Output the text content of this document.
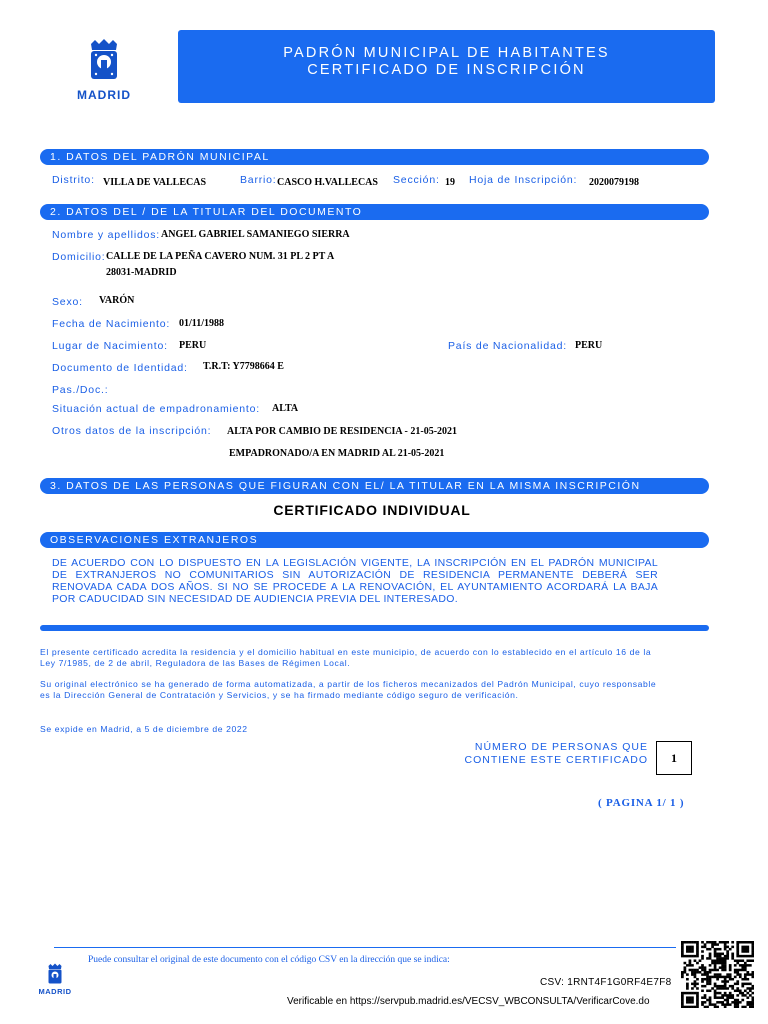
MADRID
PADRÓN MUNICIPAL DE HABITANTES
CERTIFICADO DE INSCRIPCIÓN
1. DATOS DEL PADRÓN MUNICIPAL
Distrito: VILLA DE VALLECAS	Barrio: CASCO H.VALLECAS Sección: 19 Hoja de Inscripción: 2020079198
2. DATOS DEL / DE LA TITULAR DEL DOCUMENTO
Nombre y apellidos: ANGEL GABRIEL SAMANIEGO SIERRA
Domicilio: CALLE DE LA PEÑA CAVERO NUM. 31 PL 2 PT A
28031-MADRID
Sexo: VARÓN
Fecha de Nacimiento: 01/11/1988
Lugar de Nacimiento: PERU	País de Nacionalidad: PERU
Documento de Identidad: T.R.T: Y7798664 E
Pas./Doc.:
Situación actual de empadronamiento: ALTA
Otros datos de la inscripción: ALTA POR CAMBIO DE RESIDENCIA - 21-05-2021
EMPADRONADO/A EN MADRID AL 21-05-2021
3. DATOS DE LAS PERSONAS QUE FIGURAN CON EL/ LA TITULAR EN LA MISMA INSCRIPCIÓN
CERTIFICADO INDIVIDUAL
OBSERVACIONES EXTRANJEROS
DE ACUERDO CON LO DISPUESTO EN LA LEGISLACIÓN VIGENTE, LA INSCRIPCIÓN EN EL PADRÓN MUNICIPAL
DE EXTRANJEROS NO COMUNITARIOS SIN AUTORIZACIÓN DE RESIDENCIA PERMANENTE DEBERÁ SER
RENOVADA CADA DOS AÑOS. SI NO SE PROCEDE A LA RENOVACIÓN, EL AYUNTAMIENTO ACORDARÁ LA BAJA
POR CADUCIDAD SIN NECESIDAD DE AUDIENCIA PREVIA DEL INTERESADO.
El presente certificado acredita la residencia y el domicilio habitual en este municipio, de acuerdo con lo establecido en el artículo 16 de la
Ley 7/1985, de 2 de abril, Reguladora de las Bases de Régimen Local.
Su original electrónico se ha generado de forma automatizada, a partir de los ficheros mecanizados del Padrón Municipal, cuyo responsable
es la Dirección General de Contratación y Servicios, y se ha firmado mediante código seguro de verificación.
Se expide en Madrid, a 5 de diciembre de 2022
NÚMERO DE PERSONAS QUE
CONTIENE ESTE CERTIFICADO	1
( PAGINA 1/ 1 )
MADRID
Puede consultar el original de este documento con el código CSV en la dirección que se indica:
CSV: 1RNT4F1G0RF4E7F8
Verificable en https://servpub.madrid.es/VECSV_WBCONSULTA/VerificarCove.do
